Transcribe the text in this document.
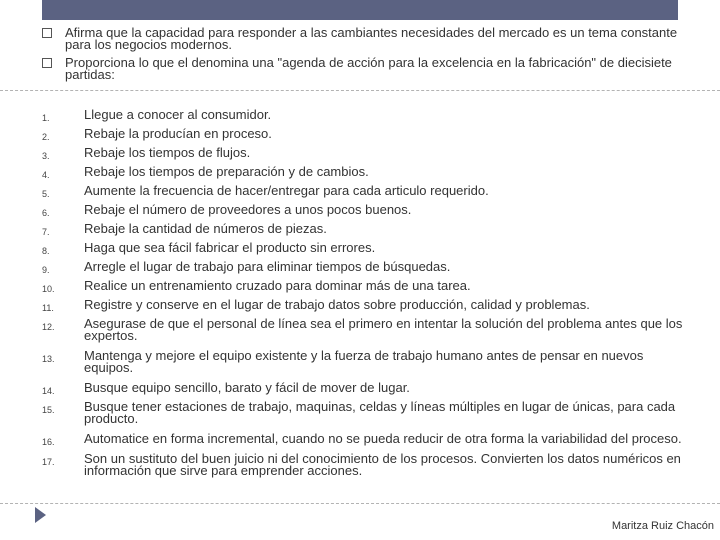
Afirma que la capacidad para responder a las cambiantes necesidades del mercado es un tema constante para los negocios modernos.
Proporciona lo que el denomina una "agenda de acción para la excelencia en la fabricación" de diecisiete partidas:
1.	Llegue a conocer al consumidor.
2.	Rebaje la producían en proceso.
3.	Rebaje los tiempos de flujos.
4.	Rebaje los tiempos de preparación y de cambios.
5.	Aumente la frecuencia de hacer/entregar para cada articulo requerido.
6.	Rebaje el número de proveedores a unos pocos buenos.
7.	Rebaje la cantidad de números de piezas.
8.	Haga que sea fácil fabricar el producto sin errores.
9.	Arregle el lugar de trabajo para eliminar tiempos de búsquedas.
10. Realice un entrenamiento cruzado para dominar más de una tarea.
11. Registre y conserve en el lugar de trabajo datos sobre producción, calidad y problemas.
12. Asegurase de que el personal de línea sea el primero en intentar la solución del problema antes que los expertos.
13. Mantenga y mejore el equipo existente y la fuerza de trabajo humano antes de pensar en nuevos equipos.
14. Busque equipo sencillo, barato y fácil de mover de lugar.
15. Busque tener estaciones de trabajo, maquinas, celdas y líneas múltiples en lugar de únicas, para cada producto.
16. Automatice en forma incremental, cuando no se pueda reducir de otra forma la variabilidad del proceso.
17. Son un sustituto del buen juicio ni del conocimiento de los procesos. Convierten los datos numéricos en información que sirve para emprender acciones.
Maritza Ruiz Chacón
